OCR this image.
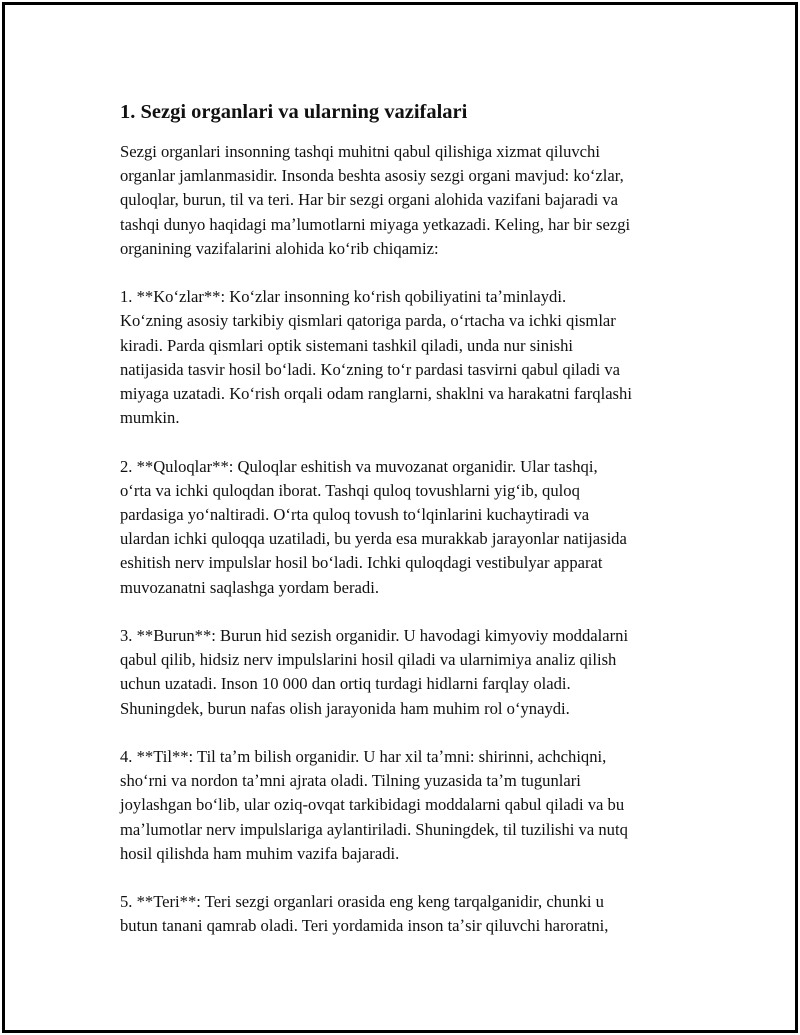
1. Sezgi organlari va ularning vazifalari

Sezgi organlari insonning tashqi muhitni qabul qilishiga xizmat qiluvchi
organlar jamlanmasidir. Insonda beshta asosiy sezgi organi mavjud: koʻzlar,
quloqlar, burun, til va teri. Har bir sezgi organi alohida vazifani bajaradi va
tashqi dunyo haqidagi maʼlumotlarni miyaga yetkazadi. Keling, har bir sezgi
organining vazifalarini alohida koʻrib chiqamiz:

1. **Koʻzlar**: Koʻzlar insonning koʻrish qobiliyatini taʼminlaydi.
Koʻzning asosiy tarkibiy qismlari qatoriga parda, oʻrtacha va ichki qismlar
kiradi. Parda qismlari optik sistemani tashkil qiladi, unda nur sinishi
natijasida tasvir hosil boʻladi. Koʻzning toʻr pardasi tasvirni qabul qiladi va
miyaga uzatadi. Koʻrish orqali odam ranglarni, shaklni va harakatni farqlashi
mumkin.

2. **Quloqlar**: Quloqlar eshitish va muvozanat organidir. Ular tashqi,
oʻrta va ichki quloqdan iborat. Tashqi quloq tovushlarni yigʻib, quloq
pardasiga yoʻnaltiradi. Oʻrta quloq tovush toʻlqinlarini kuchaytiradi va
ulardan ichki quloqqa uzatiladi, bu yerda esa murakkab jarayonlar natijasida
eshitish nerv impulslar hosil boʻladi. Ichki quloqdagi vestibulyar apparat
muvozanatni saqlashga yordam beradi.

3. **Burun**: Burun hid sezish organidir. U havodagi kimyoviy moddalarni
qabul qilib, hidsiz nerv impulslarini hosil qiladi va ularnimiya analiz qilish
uchun uzatadi. Inson 10 000 dan ortiq turdagi hidlarni farqlay oladi.
Shuningdek, burun nafas olish jarayonida ham muhim rol oʻynaydi.

4. **Til**: Til taʼm bilish organidir. U har xil taʼmni: shirinni, achchiqni,
shoʻrni va nordon taʼmni ajrata oladi. Tilning yuzasida taʼm tugunlari
joylashgan boʻlib, ular oziq-ovqat tarkibidagi moddalarni qabul qiladi va bu
maʼlumotlar nerv impulslariga aylantiriladi. Shuningdek, til tuzilishi va nutq
hosil qilishda ham muhim vazifa bajaradi.

5. **Teri**: Teri sezgi organlari orasida eng keng tarqalganidir, chunki u
butun tanani qamrab oladi. Teri yordamida inson taʼsir qiluvchi haroratni,
